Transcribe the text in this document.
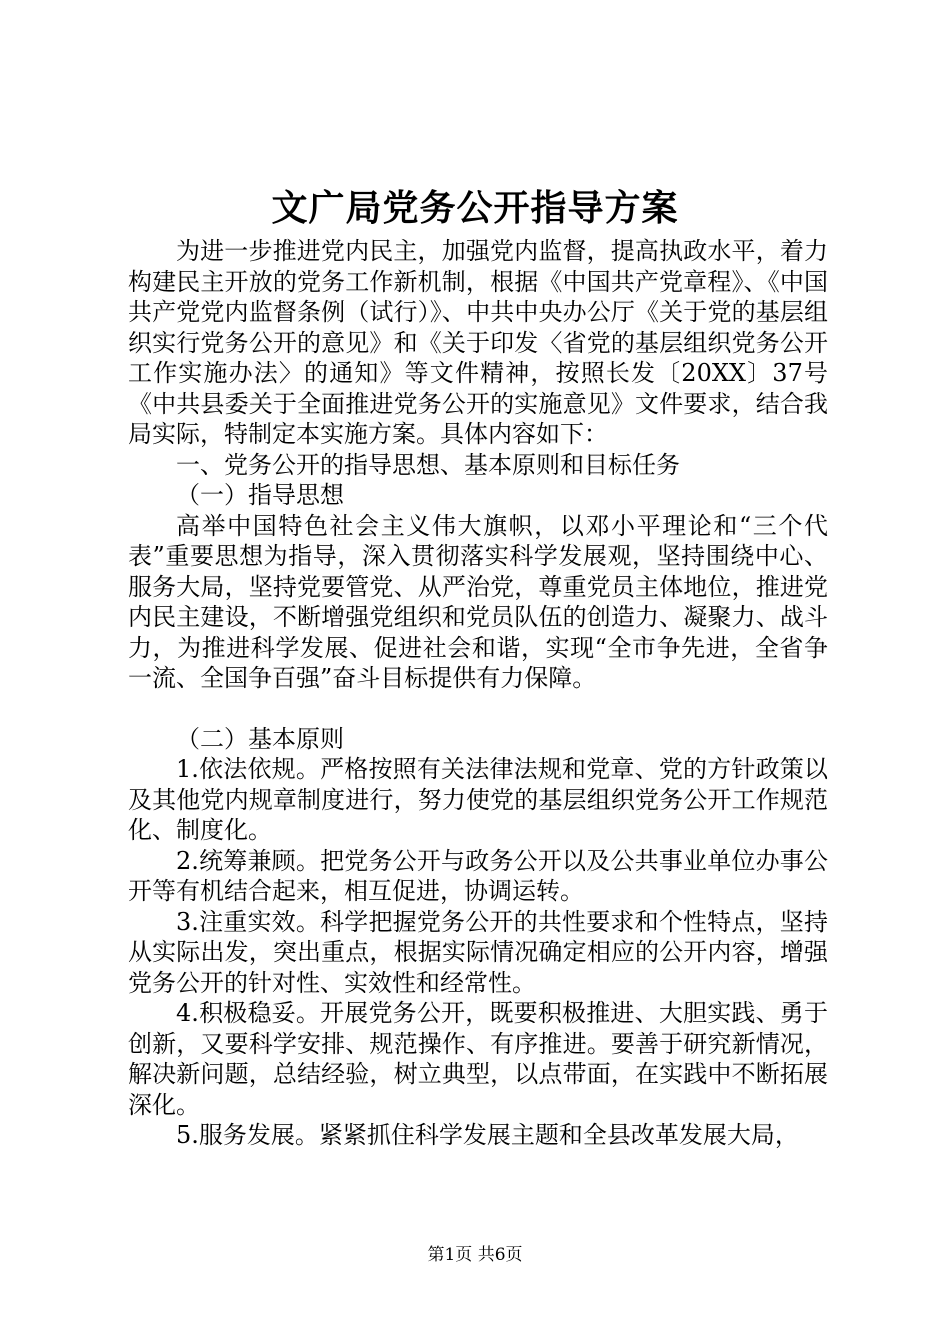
文广局党务公开指导方案

为进一步推进党内民主，加强党内监督，提高执政水平，着力构建民主开放的党务工作新机制，根据《中国共产党章程》、《中国共产党党内监督条例（试行）》、中共中央办公厅《关于党的基层组织实行党务公开的意见》和《关于印发〈省党的基层组织党务公开工作实施办法〉的通知》等文件精神，按照长发〔20XX〕37号《中共县委关于全面推进党务公开的实施意见》文件要求，结合我局实际，特制定本实施方案。具体内容如下：

一、党务公开的指导思想、基本原则和目标任务

（一）指导思想

高举中国特色社会主义伟大旗帜，以邓小平理论和“三个代表”重要思想为指导，深入贯彻落实科学发展观，坚持围绕中心、服务大局，坚持党要管党、从严治党，尊重党员主体地位，推进党内民主建设，不断增强党组织和党员队伍的创造力、凝聚力、战斗力，为推进科学发展、促进社会和谐，实现“全市争先进，全省争一流、全国争百强”奋斗目标提供有力保障。

（二）基本原则

1.依法依规。严格按照有关法律法规和党章、党的方针政策以及其他党内规章制度进行，努力使党的基层组织党务公开工作规范化、制度化。

2.统筹兼顾。把党务公开与政务公开以及公共事业单位办事公开等有机结合起来，相互促进，协调运转。

3.注重实效。科学把握党务公开的共性要求和个性特点，坚持从实际出发，突出重点，根据实际情况确定相应的公开内容，增强党务公开的针对性、实效性和经常性。

4.积极稳妥。开展党务公开，既要积极推进、大胆实践、勇于创新，又要科学安排、规范操作、有序推进。要善于研究新情况，解决新问题，总结经验，树立典型，以点带面，在实践中不断拓展深化。

5.服务发展。紧紧抓住科学发展主题和全县改革发展大局，

第1页 共6页
